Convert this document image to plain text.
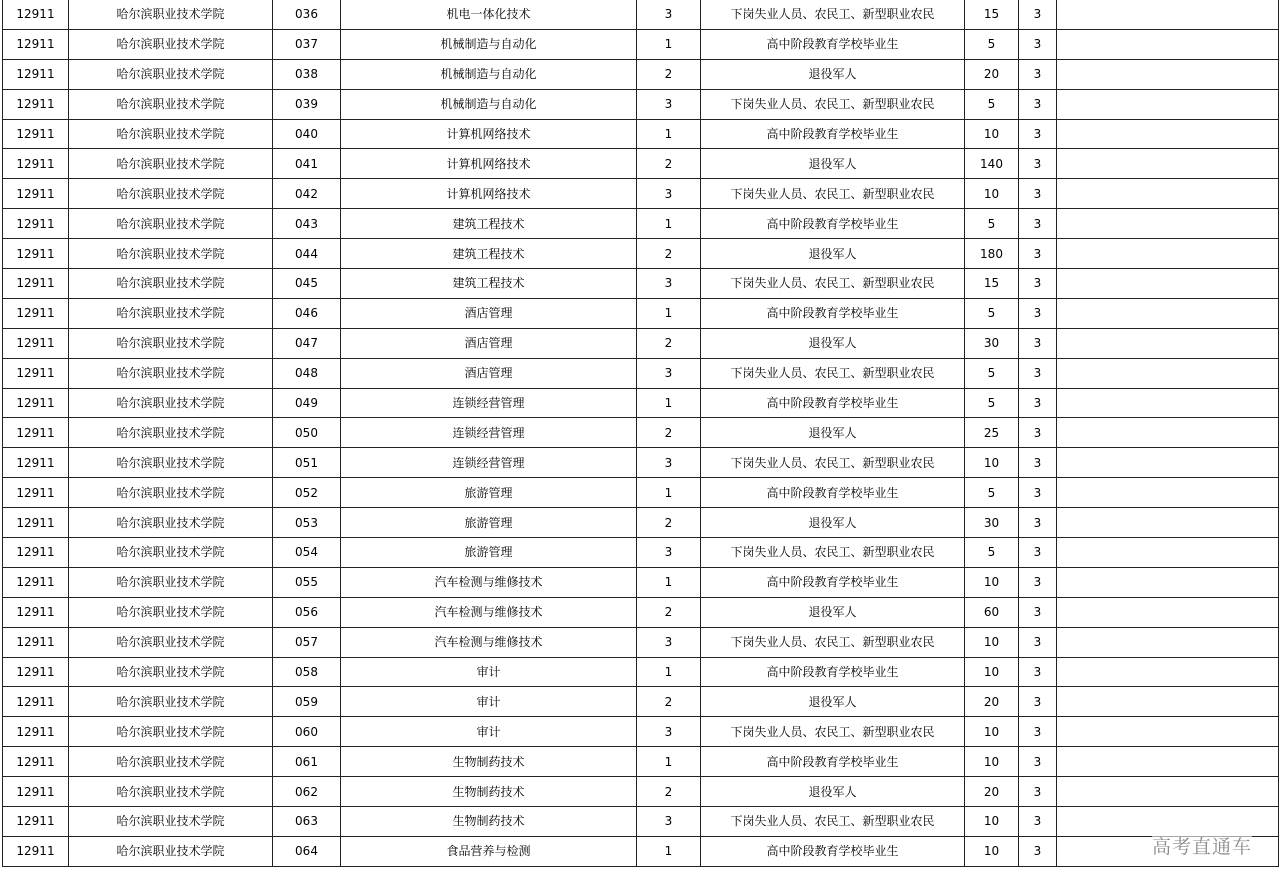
12911	哈尔滨职业技术学院	036	机电一体化技术	3	下岗失业人员、农民工、新型职业农民	15	3	
12911	哈尔滨职业技术学院	037	机械制造与自动化	1	高中阶段教育学校毕业生	5	3	
12911	哈尔滨职业技术学院	038	机械制造与自动化	2	退役军人	20	3	
12911	哈尔滨职业技术学院	039	机械制造与自动化	3	下岗失业人员、农民工、新型职业农民	5	3	
12911	哈尔滨职业技术学院	040	计算机网络技术	1	高中阶段教育学校毕业生	10	3	
12911	哈尔滨职业技术学院	041	计算机网络技术	2	退役军人	140	3	
12911	哈尔滨职业技术学院	042	计算机网络技术	3	下岗失业人员、农民工、新型职业农民	10	3	
12911	哈尔滨职业技术学院	043	建筑工程技术	1	高中阶段教育学校毕业生	5	3	
12911	哈尔滨职业技术学院	044	建筑工程技术	2	退役军人	180	3	
12911	哈尔滨职业技术学院	045	建筑工程技术	3	下岗失业人员、农民工、新型职业农民	15	3	
12911	哈尔滨职业技术学院	046	酒店管理	1	高中阶段教育学校毕业生	5	3	
12911	哈尔滨职业技术学院	047	酒店管理	2	退役军人	30	3	
12911	哈尔滨职业技术学院	048	酒店管理	3	下岗失业人员、农民工、新型职业农民	5	3	
12911	哈尔滨职业技术学院	049	连锁经营管理	1	高中阶段教育学校毕业生	5	3	
12911	哈尔滨职业技术学院	050	连锁经营管理	2	退役军人	25	3	
12911	哈尔滨职业技术学院	051	连锁经营管理	3	下岗失业人员、农民工、新型职业农民	10	3	
12911	哈尔滨职业技术学院	052	旅游管理	1	高中阶段教育学校毕业生	5	3	
12911	哈尔滨职业技术学院	053	旅游管理	2	退役军人	30	3	
12911	哈尔滨职业技术学院	054	旅游管理	3	下岗失业人员、农民工、新型职业农民	5	3	
12911	哈尔滨职业技术学院	055	汽车检测与维修技术	1	高中阶段教育学校毕业生	10	3	
12911	哈尔滨职业技术学院	056	汽车检测与维修技术	2	退役军人	60	3	
12911	哈尔滨职业技术学院	057	汽车检测与维修技术	3	下岗失业人员、农民工、新型职业农民	10	3	
12911	哈尔滨职业技术学院	058	审计	1	高中阶段教育学校毕业生	10	3	
12911	哈尔滨职业技术学院	059	审计	2	退役军人	20	3	
12911	哈尔滨职业技术学院	060	审计	3	下岗失业人员、农民工、新型职业农民	10	3	
12911	哈尔滨职业技术学院	061	生物制药技术	1	高中阶段教育学校毕业生	10	3	
12911	哈尔滨职业技术学院	062	生物制药技术	2	退役军人	20	3	
12911	哈尔滨职业技术学院	063	生物制药技术	3	下岗失业人员、农民工、新型职业农民	10	3	
12911	哈尔滨职业技术学院	064	食品营养与检测	1	高中阶段教育学校毕业生	10	3		高考直通车
